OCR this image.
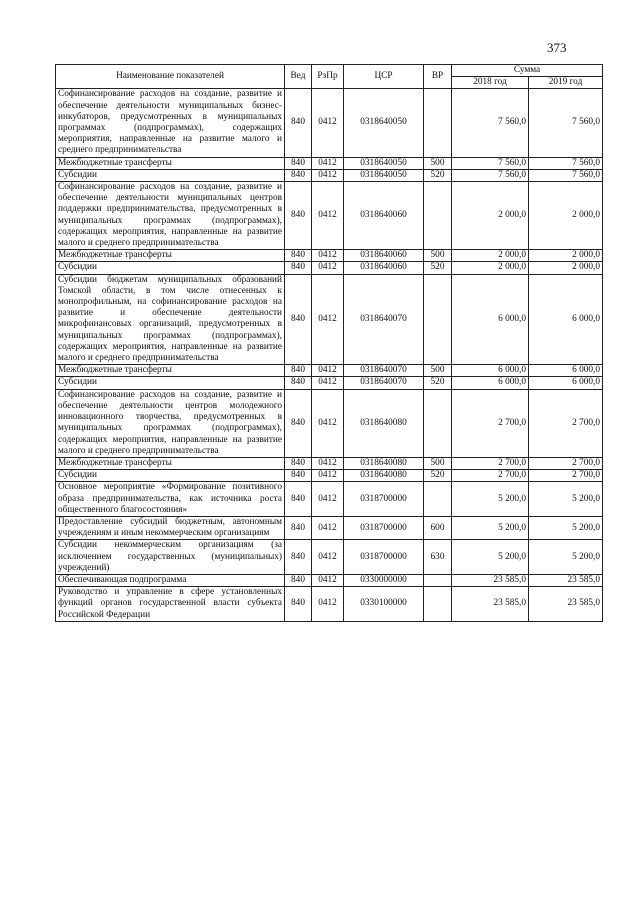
373
Наименование показателей	Вед	РзПр	ЦСР	ВР	Сумма	
					2018 год	2019 год
Софинансирование расходов на создание, развитие и обеспечение деятельности муниципальных бизнес-инкубаторов, предусмотренных в муниципальных программах (подпрограммах), содержащих мероприятия, направленные на развитие малого и среднего предпринимательства	840	0412	0318640050		7 560,0	7 560,0
Межбюджетные трансферты	840	0412	0318640050	500	7 560,0	7 560,0
Субсидии	840	0412	0318640050	520	7 560,0	7 560,0
Софинансирование расходов на создание, развитие и обеспечение деятельности муниципальных центров поддержки предпринимательства, предусмотренных в муниципальных программах (подпрограммах), содержащих мероприятия, направленные на развитие малого и среднего предпринимательства	840	0412	0318640060		2 000,0	2 000,0
Межбюджетные трансферты	840	0412	0318640060	500	2 000,0	2 000,0
Субсидии	840	0412	0318640060	520	2 000,0	2 000,0
Субсидии бюджетам муниципальных образований Томской области, в том числе отнесенных к монопрофильным, на софинансирование расходов на развитие и обеспечение деятельности микрофинансовых организаций, предусмотренных в муниципальных программах (подпрограммах), содержащих мероприятия, направленные на развитие малого и среднего предпринимательства	840	0412	0318640070		6 000,0	6 000,0
Межбюджетные трансферты	840	0412	0318640070	500	6 000,0	6 000,0
Субсидии	840	0412	0318640070	520	6 000,0	6 000,0
Софинансирование расходов на создание, развитие и обеспечение деятельности центров молодежного инновационного творчества, предусмотренных в муниципальных программах (подпрограммах), содержащих мероприятия, направленные на развитие малого и среднего предпринимательства	840	0412	0318640080		2 700,0	2 700,0
Межбюджетные трансферты	840	0412	0318640080	500	2 700,0	2 700,0
Субсидии	840	0412	0318640080	520	2 700,0	2 700,0
Основное мероприятие «Формирование позитивного образа предпринимательства, как источника роста общественного благосостояния»	840	0412	0318700000		5 200,0	5 200,0
Предоставление субсидий бюджетным, автономным учреждениям и иным некоммерческим организациям	840	0412	0318700000	600	5 200,0	5 200,0
Субсидии некоммерческим организациям (за исключением государственных (муниципальных) учреждений)	840	0412	0318700000	630	5 200,0	5 200,0
Обеспечивающая подпрограмма	840	0412	0330000000		23 585,0	23 585,0
Руководство и управление в сфере установленных функций органов государственной власти субъекта Российской Федерации	840	0412	0330100000		23 585,0	23 585,0
